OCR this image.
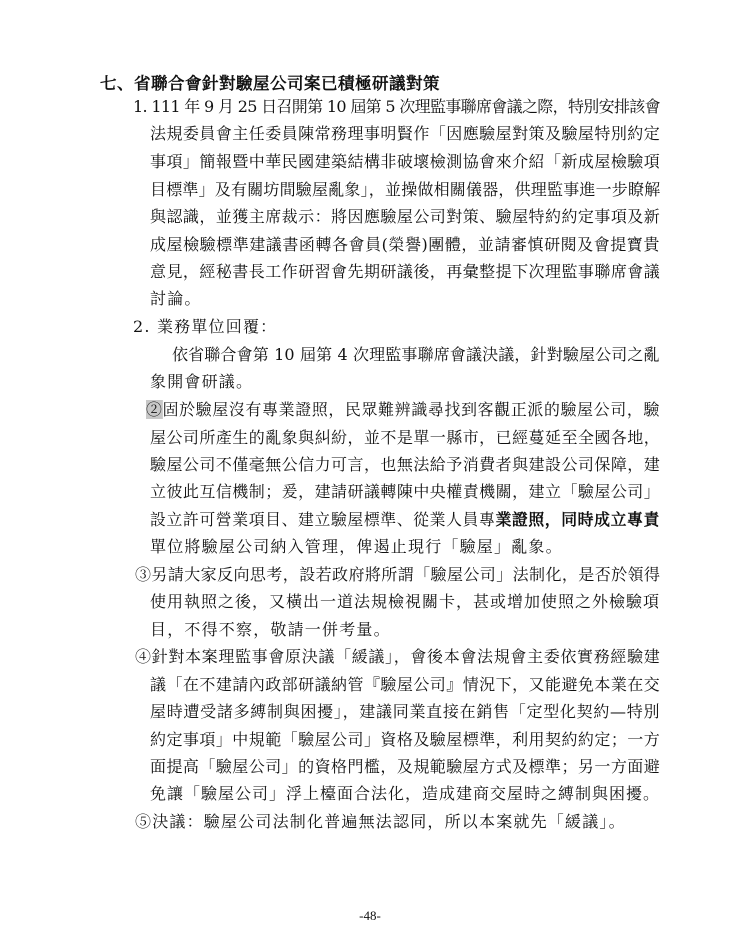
七、省聯合會針對驗屋公司案已積極研議對策
1. 111 年 9 月 25 日召開第 10 屆第 5 次理監事聯席會議之際，特別安排該會
法規委員會主任委員陳常務理事明賢作「因應驗屋對策及驗屋特別約定
事項」簡報暨中華民國建築結構非破壞檢測協會來介紹「新成屋檢驗項
目標準」及有關坊間驗屋亂象」，並操做相關儀器，供理監事進一步瞭解
與認識，並獲主席裁示：將因應驗屋公司對策、驗屋特約約定事項及新
成屋檢驗標準建議書函轉各會員(榮譽)團體，並請審慎研閱及會提寶貴
意見，經秘書長工作研習會先期研議後，再彙整提下次理監事聯席會議
討論。
2. 業務單位回覆：
依省聯合會第 10 屆第 4 次理監事聯席會議決議，針對驗屋公司之亂
象開會研議。
②固於驗屋沒有專業證照，民眾難辨識尋找到客觀正派的驗屋公司，驗
屋公司所產生的亂象與糾紛，並不是單一縣市，已經蔓延至全國各地，
驗屋公司不僅毫無公信力可言，也無法給予消費者與建設公司保障，建
立彼此互信機制；爰，建請研議轉陳中央權責機關，建立「驗屋公司」
設立許可營業項目、建立驗屋標準、從業人員專業證照，同時成立專責
單位將驗屋公司納入管理，俾遏止現行「驗屋」亂象。
③另請大家反向思考，設若政府將所謂「驗屋公司」法制化，是否於領得
使用執照之後，又橫出一道法規檢視關卡，甚或增加使照之外檢驗項
目，不得不察，敬請一併考量。
④針對本案理監事會原決議「緩議」，會後本會法規會主委依實務經驗建
議「在不建請內政部研議納管『驗屋公司』情況下，又能避免本業在交
屋時遭受諸多縛制與困擾」，建議同業直接在銷售「定型化契約—特別
約定事項」中規範「驗屋公司」資格及驗屋標準，利用契約約定；一方
面提高「驗屋公司」的資格門檻，及規範驗屋方式及標準；另一方面避
免讓「驗屋公司」浮上檯面合法化，造成建商交屋時之縛制與困擾。
⑤決議：驗屋公司法制化普遍無法認同，所以本案就先「緩議」。
-48-
